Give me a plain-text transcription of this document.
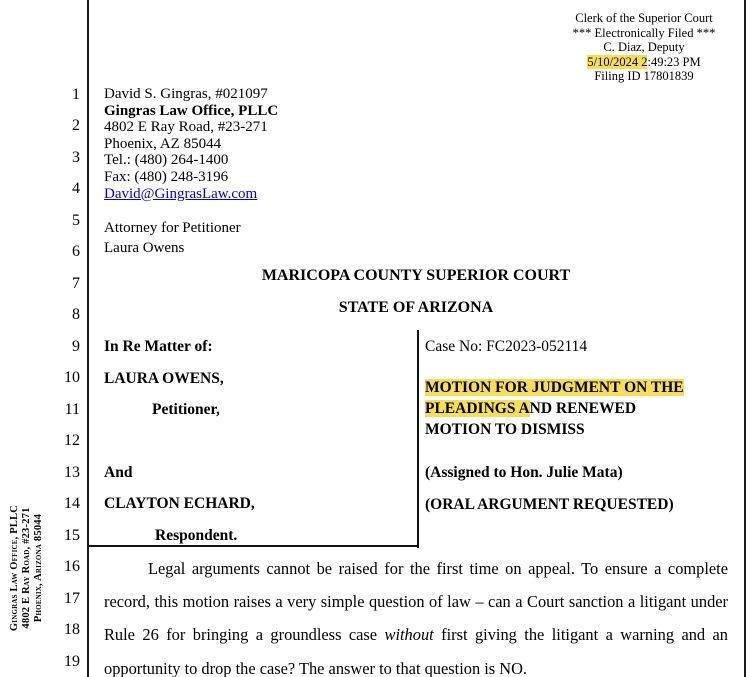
Clerk of the Superior Court
*** Electronically Filed ***
C. Diaz, Deputy
5/10/2024 2:49:23 PM
Filing ID 17801839
1
2
3
4
5
6
7
8
9
10
11
12
13
14
15
16
17
18
19
David S. Gingras, #021097
Gingras Law Office, PLLC
4802 E Ray Road, #23-271
Phoenix, AZ 85044
Tel.: (480) 264-1400
Fax: (480) 248-3196
David@GingrasLaw.com
Attorney for Petitioner
Laura Owens
MARICOPA COUNTY SUPERIOR COURT
STATE OF ARIZONA
In Re Matter of:
LAURA OWENS,
Petitioner,
And
CLAYTON ECHARD,
Respondent.
Case No: FC2023-052114
MOTION FOR JUDGMENT ON THE
PLEADINGS AND RENEWED
MOTION TO DISMISS
(Assigned to Hon. Julie Mata)
(ORAL ARGUMENT REQUESTED)

Legal arguments cannot be raised for the first time on appeal. To ensure a complete record, this motion raises a very simple question of law – can a Court sanction a litigant under Rule 26 for bringing a groundless case without first giving the litigant a warning and an opportunity to drop the case? The answer to that question is NO.

Gingras Law Office, PLLC 4802 E Ray Road, #23-271 Phoenix, Arizona 85044
